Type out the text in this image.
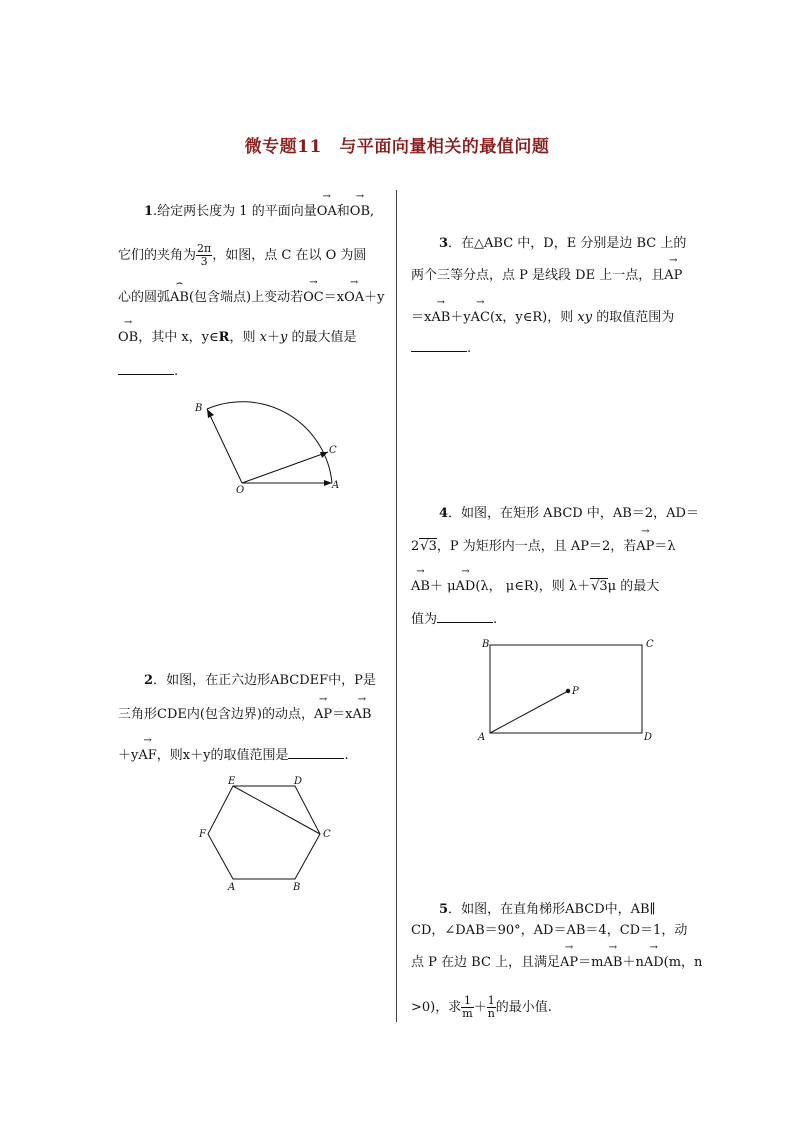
微专题11　与平面向量相关的最值问题
1.给定两长度为 1 的平面向量→ OA和→ OB,
它们的夹角为 $\frac{2\pi}{3}$ ，如图，点 C 在以 O 为圆
心的圆弧⌢ AB(包含端点)上变动若→ OC＝x→ OA＋y
→ OB，其中 x，y∈R，则 x＋y 的最大值是
.
B
C
O	A
2．如图，在正六边形ABCDEF中，P是
三角形CDE内(包含边界)的动点，→ AP＝x→ AB
＋y→ AF，则x＋y的取值范围是	.
E	D
F	C
A	B
3．在△ABC 中，D，E 分别是边 BC 上的
两个三等分点，点 P 是线段 DE 上一点，且→ AP
＝x→ AB＋y→ AC(x，y∈R)，则 xy 的取值范围为
.
4．如图，在矩形 ABCD 中，AB＝2，AD＝
2√3，P 为矩形内一点，且 AP＝2，若→ AP＝λ
→ AB＋ μ→ AD(λ， μ∈R)，则 λ＋√3μ 的最大
值为	.
B	C
A	D
P
5．如图，在直角梯形ABCD中，AB∥
CD，∠DAB＝90°，AD＝AB＝4，CD＝1，动
点 P 在边 BC 上，且满足→ AP＝m→ AB＋n→ AD(m，n
>0)，求 $\frac{1}{m} + \frac{1}{n}$ 的最小值.
